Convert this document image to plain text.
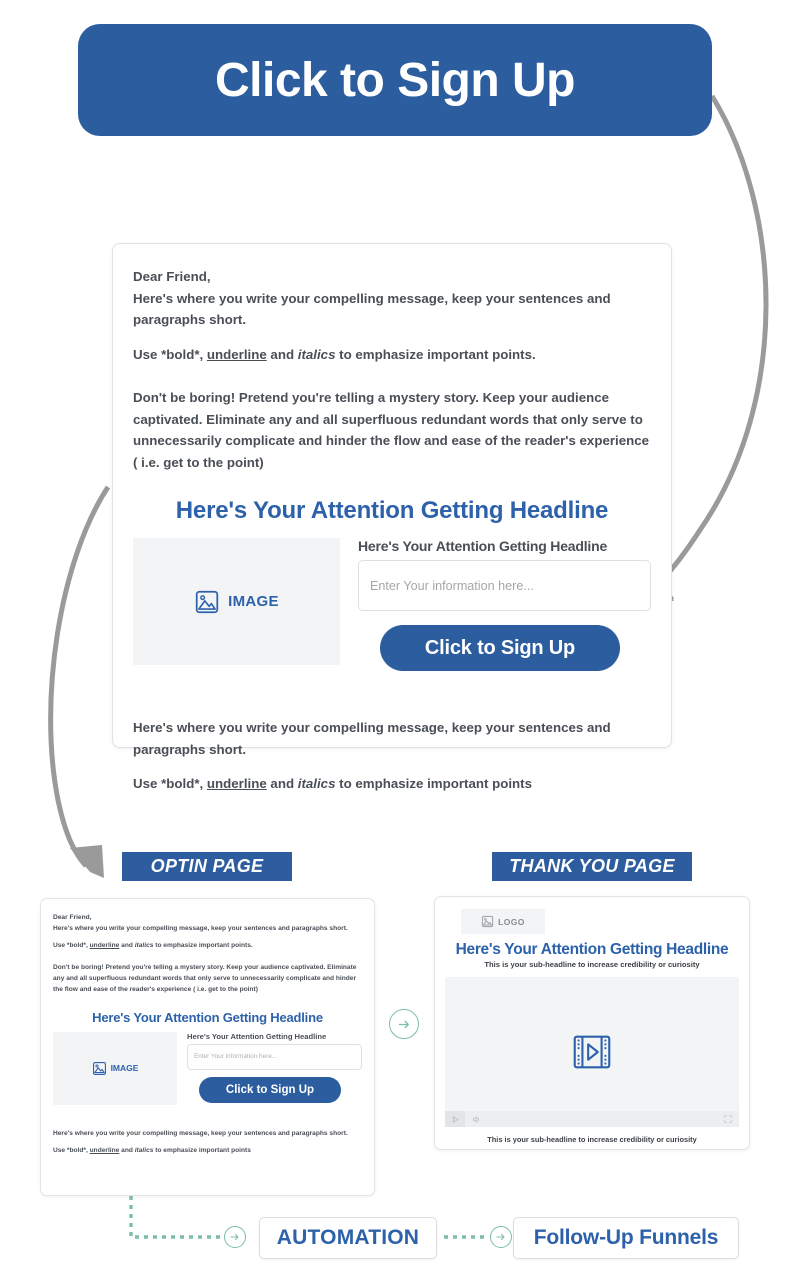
Click to Sign Up
Dear Friend,
Here's where you write your compelling message, keep your sentences and paragraphs short.
Use *bold*, underline and italics to emphasize important points.
Don't be boring! Pretend you're telling a mystery story. Keep your audience captivated. Eliminate any and all superfluous redundant words that only serve to unnecessarily complicate and hinder the flow and ease of the reader's experience ( i.e. get to the point)
Here's Your Attention Getting Headline
IMAGE
Here's Your Attention Getting Headline
Enter Your information here... Click to Sign Up
Here's where you write your compelling message, keep your sentences and paragraphs short.
Use *bold*, underline and italics to emphasize important points
OPTIN PAGE	THANK YOU PAGE
Dear Friend,
Here's where you write your compelling message, keep your sentences and paragraphs short.
Use *bold*, underline and italics to emphasize important points.
Don't be boring! Pretend you're telling a mystery story. Keep your audience captivated. Eliminate any and all superfluous redundant words that only serve to unnecessarily complicate and hinder the flow and ease of the reader's experience ( i.e. get to the point)
Here's Your Attention Getting Headline
IMAGE
Here's Your Attention Getting Headline
Enter Your information here... Click to Sign Up
Here's where you write your compelling message, keep your sentences and paragraphs short.
Use *bold*, underline and italics to emphasize important points
LOGO
Here's Your Attention Getting Headline
This is your sub-headline to increase credibility or curiosity
This is your sub-headline to increase credibility or curiosity
AUTOMATION	Follow-Up Funnels
